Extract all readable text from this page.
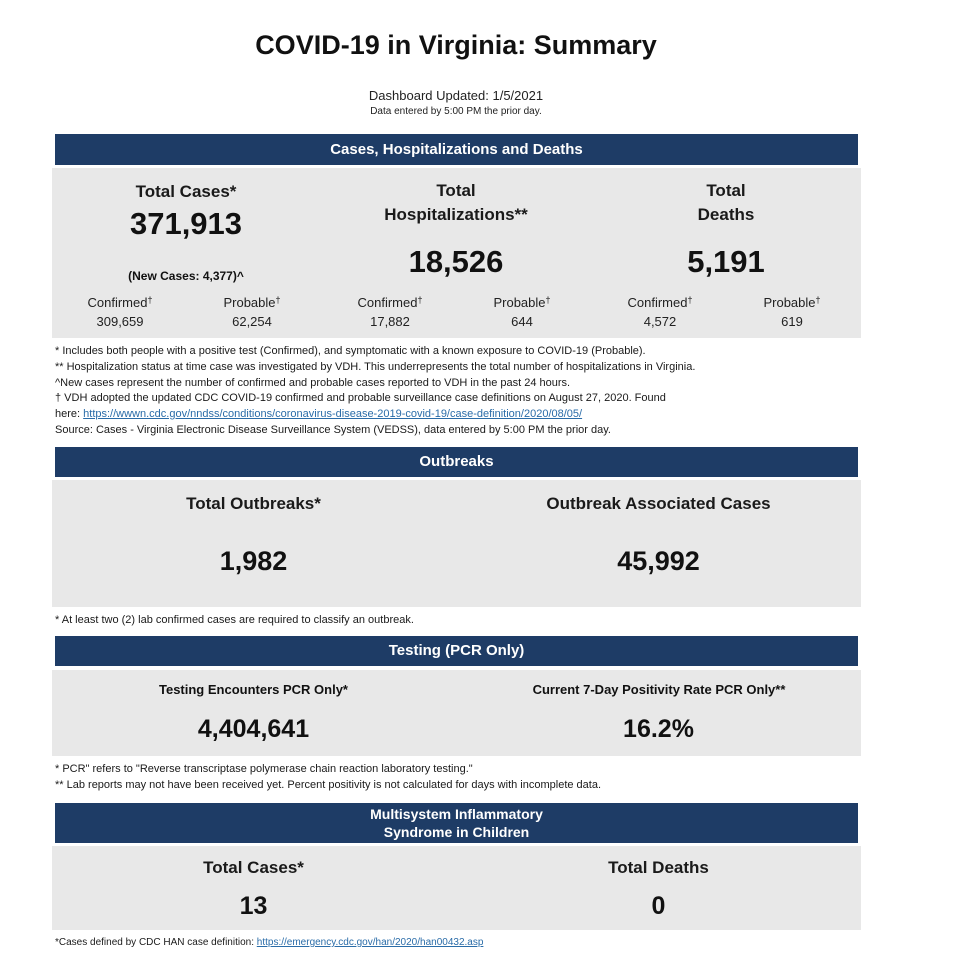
COVID-19 in Virginia: Summary
Dashboard Updated: 1/5/2021
Data entered by 5:00 PM the prior day.
Cases, Hospitalizations and Deaths
Total Cases*
371,913
(New Cases: 4,377)^
Total
Hospitalizations**
18,526
Total
Deaths
5,191
Confirmed†
309,659
Probable†
62,254
Confirmed†
17,882
Probable†
644
Confirmed†
4,572
Probable†
619
* Includes both people with a positive test (Confirmed), and symptomatic with a known exposure to COVID-19 (Probable).
** Hospitalization status at time case was investigated by VDH. This underrepresents the total number of hospitalizations in Virginia.
^New cases represent the number of confirmed and probable cases reported to VDH in the past 24 hours.
† VDH adopted the updated CDC COVID-19 confirmed and probable surveillance case definitions on August 27, 2020. Found
here: https://wwwn.cdc.gov/nndss/conditions/coronavirus-disease-2019-covid-19/case-definition/2020/08/05/
Source: Cases - Virginia Electronic Disease Surveillance System (VEDSS), data entered by 5:00 PM the prior day.
Outbreaks
Total Outbreaks*
1,982
Outbreak Associated Cases
45,992
* At least two (2) lab confirmed cases are required to classify an outbreak.
Testing (PCR Only)
Testing Encounters PCR Only*
4,404,641
Current 7-Day Positivity Rate PCR Only**
16.2%
* PCR" refers to "Reverse transcriptase polymerase chain reaction laboratory testing."
** Lab reports may not have been received yet. Percent positivity is not calculated for days with incomplete data.
Multisystem Inflammatory
Syndrome in Children
Total Cases*
13
Total Deaths
0
*Cases defined by CDC HAN case definition: https://emergency.cdc.gov/han/2020/han00432.asp
